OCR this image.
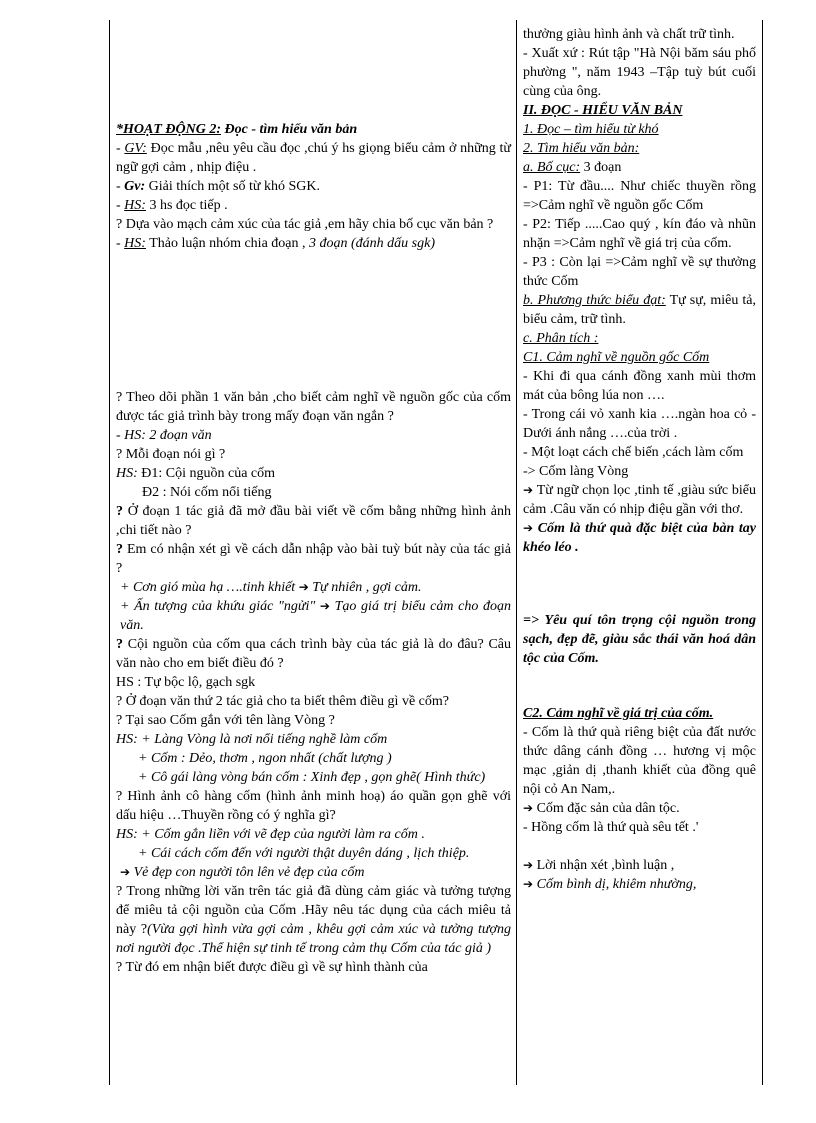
*HOẠT ĐỘNG 2: Đọc - tìm hiểu văn bản

- GV: Đọc mẫu ,nêu yêu cầu đọc ,chú ý hs giọng biểu cảm ở những từ ngữ gợi cảm , nhịp điệu .

- Gv: Giải thích một số từ khó SGK.

- HS: 3 hs đọc tiếp .

? Dựa vào mạch cảm xúc của tác giả ,em hãy chia bố cục văn bản ?

- HS: Thảo luận nhóm chia đoạn , 3 đoạn (đánh dấu sgk)

? Theo dõi phần 1 văn bản ,cho biết cảm nghĩ về nguồn gốc của cốm được tác giả trình bày trong mấy đoạn văn ngắn ?

- HS: 2 đoạn văn

? Mỗi đoạn nói gì ?

HS: Đ1: Cội nguồn của cốm

Đ2 : Nói cốm nổi tiếng

? Ở đoạn 1 tác giả đã mở đầu bài viết về cốm bằng những hình ảnh ,chi tiết nào ?

? Em có nhận xét gì về cách dẫn nhập vào bài tuỳ bút này của tác giả ?

+ Cơn gió mùa hạ ….tinh khiết ➔ Tự nhiên , gợi cảm.

+ Ấn tượng của khứu giác "ngửi" ➔ Tạo giá trị biểu cảm cho đoạn văn.

? Cội nguồn của cốm qua cách trình bày của tác giả là do đâu? Câu văn nào cho em biết điều đó ?

HS : Tự bộc lộ, gạch sgk

? Ở đoạn văn thứ 2 tác giả cho ta biết thêm điều gì về cốm?

? Tại sao Cốm gắn với tên làng Vòng ?

HS: + Làng Vòng là nơi nổi tiếng nghề làm cốm

+ Cốm : Dẻo, thơm , ngon nhất (chất lượng )

+ Cô gái làng vòng bán cốm : Xinh đẹp , gọn ghẽ( Hình thức)

? Hình ảnh cô hàng cốm (hình ảnh minh hoạ) áo quần gọn ghẽ với dấu hiệu …Thuyền rồng có ý nghĩa gì?

HS: + Cốm gắn liền với vẽ đẹp của người làm ra cốm .

+ Cái cách cốm đến với người thật duyên dáng , lịch thiệp.

➔ Vẻ đẹp con người tôn lên vẻ đẹp của cốm

? Trong những lời văn trên tác giả đã dùng cảm giác và tưởng tượng để miêu tả cội nguồn của Cốm .Hãy nêu tác dụng của cách miêu tả này ?(Vừa gợi hình vừa gợi cảm , khêu gợi cảm xúc và tưởng tượng nơi người đọc .Thể hiện sự tinh tế trong cảm thụ Cốm của tác giả )

? Từ đó em nhận biết được điều gì về sự hình thành của

thưởng giàu hình ảnh và chất trữ tình.

- Xuất xứ : Rút tập "Hà Nội băm sáu phố phường ", năm 1943 –Tập tuỳ bút cuối cùng của ông.

II. ĐỌC - HIỂU VĂN BẢN

1. Đọc – tìm hiểu từ khó

2. Tìm hiểu văn bản:

a. Bố cục: 3 đoạn

- P1: Từ đầu.... Như chiếc thuyền rồng =>Cảm nghĩ về nguồn gốc Cốm

- P2: Tiếp .....Cao quý , kín đáo và nhũn nhặn =>Cảm nghĩ về giá trị của cốm.

- P3 : Còn lại =>Cảm nghĩ về sự thưởng thức Cốm

b. Phương thức biểu đạt: Tự sự, miêu tả, biểu cảm, trữ tình.

c. Phân tích :

C1. Cảm nghĩ về nguồn gốc Cốm

- Khi đi qua cánh đồng xanh mùi thơm mát của bông lúa non ….

- Trong cái vỏ xanh kia ….ngàn hoa cỏ - Dưới ánh nắng ….của trời .

- Một loạt cách chế biến ,cách làm cốm

-> Cốm làng Vòng

➔ Từ ngữ chọn lọc ,tinh tế ,giàu sức biểu cảm .Câu văn có nhịp điệu gần với thơ.

➔ Cốm là thứ quà đặc biệt của bàn tay khéo léo .

=> Yêu quí tôn trọng cội nguồn trong sạch, đẹp đẽ, giàu sắc thái văn hoá dân tộc của Cốm.

C2. Cảm nghĩ về giá trị của cốm.

- Cốm là thứ quà riêng biệt của đất nước thức dâng cánh đồng … hương vị mộc mạc ,giản dị ,thanh khiết của đồng quê nội cỏ An Nam,.

➔ Cốm đặc sản của dân tộc.

- Hồng cốm là thứ quà sêu tết .'

➔ Lời nhận xét ,bình luận ,

➔ Cốm bình dị, khiêm nhường,
